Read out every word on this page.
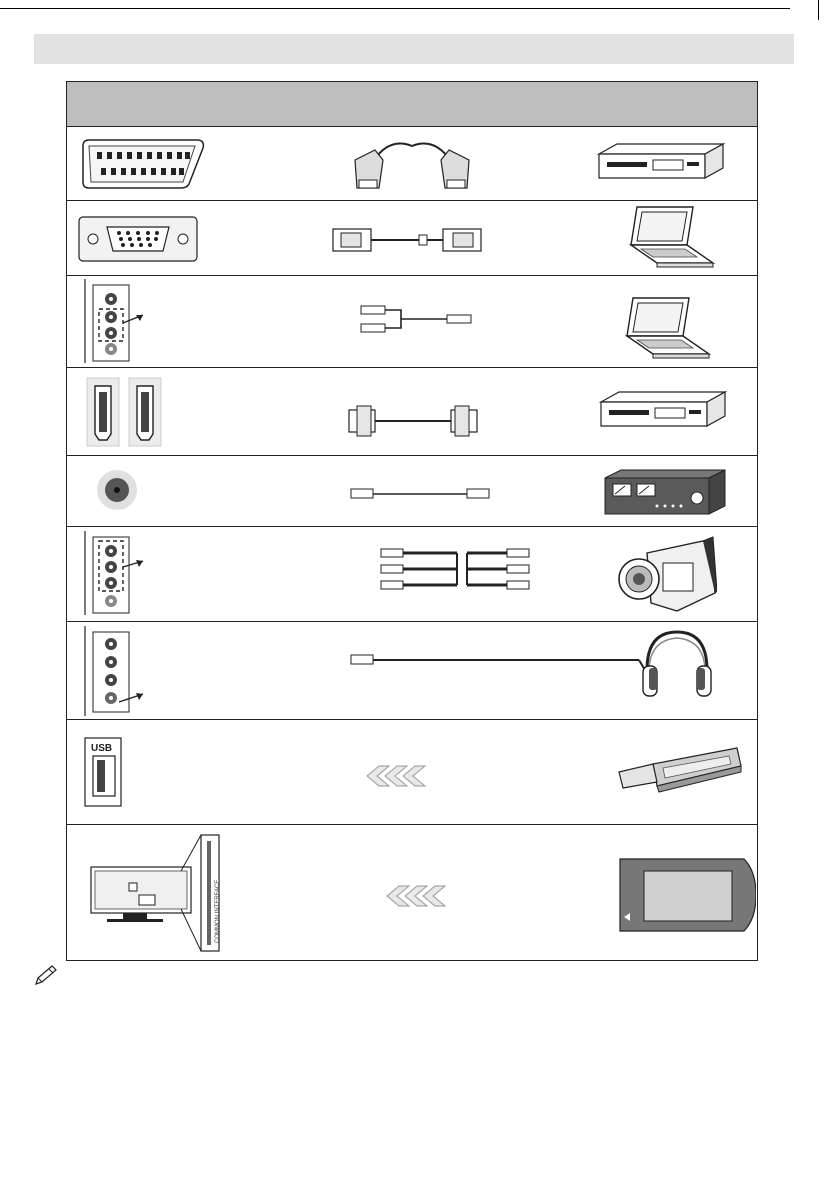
USB
COMMON INTERFACE
